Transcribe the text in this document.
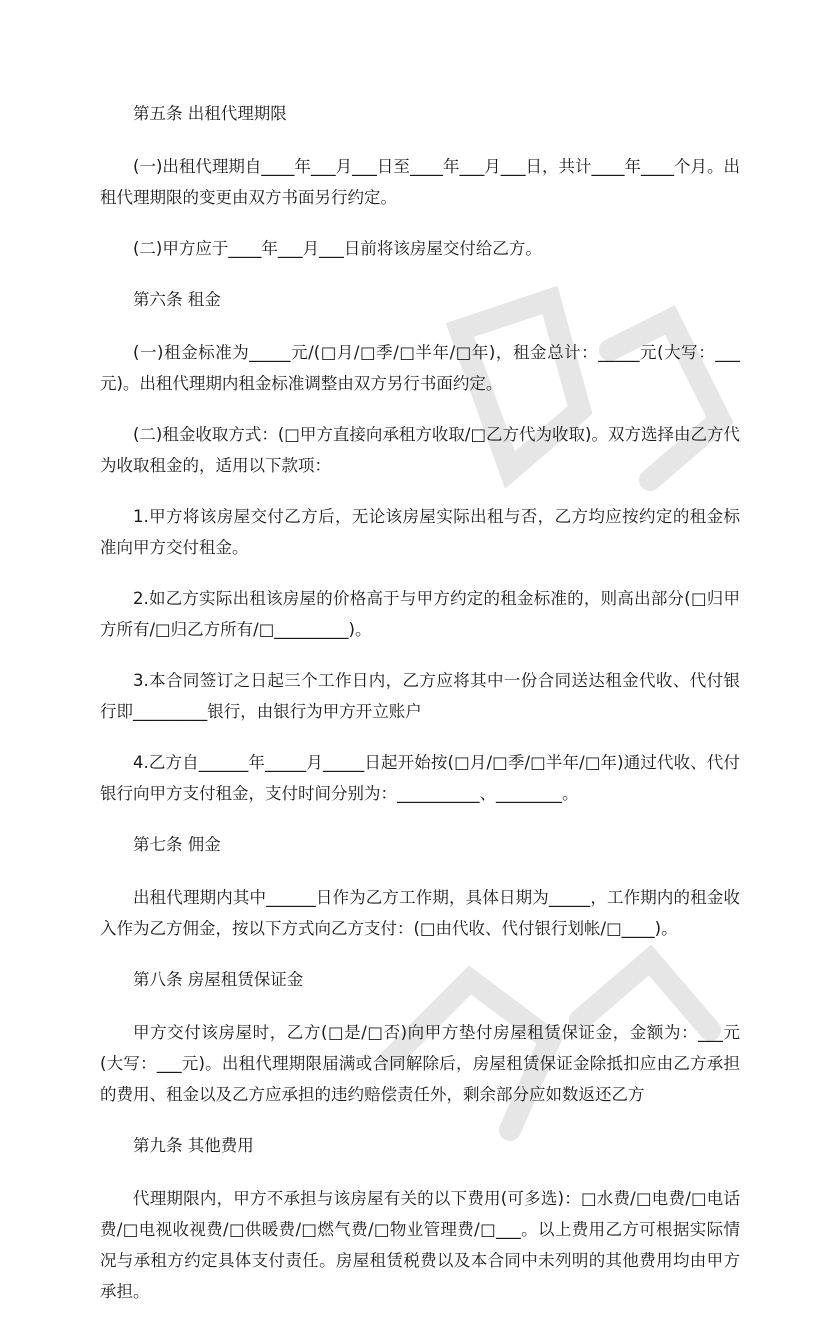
第五条 出租代理期限

(一)出租代理期自____年___月___日至____年___月___日，共计____年____个月。出租代理期限的变更由双方书面另行约定。

(二)甲方应于____年___月___日前将该房屋交付给乙方。

第六条 租金

(一)租金标准为_____元/(□月/□季/□半年/□年)，租金总计：_____元(大写：___元)。出租代理期内租金标准调整由双方另行书面约定。

(二)租金收取方式：(□甲方直接向承租方收取/□乙方代为收取)。双方选择由乙方代为收取租金的，适用以下款项：

1.甲方将该房屋交付乙方后，无论该房屋实际出租与否，乙方均应按约定的租金标准向甲方交付租金。

2.如乙方实际出租该房屋的价格高于与甲方约定的租金标准的，则高出部分(□归甲方所有/□归乙方所有/□_________)。

3.本合同签订之日起三个工作日内，乙方应将其中一份合同送达租金代收、代付银行即_________银行，由银行为甲方开立账户

4.乙方自______年_____月_____日起开始按(□月/□季/□半年/□年)通过代收、代付银行向甲方支付租金，支付时间分别为：__________、________。

第七条 佣金

出租代理期内其中______日作为乙方工作期，具体日期为_____，工作期内的租金收入作为乙方佣金，按以下方式向乙方支付：(□由代收、代付银行划帐/□____)。

第八条 房屋租赁保证金

甲方交付该房屋时，乙方(□是/□否)向甲方垫付房屋租赁保证金，金额为：___元(大写：___元)。出租代理期限届满或合同解除后，房屋租赁保证金除抵扣应由乙方承担的费用、租金以及乙方应承担的违约赔偿责任外，剩余部分应如数返还乙方

第九条 其他费用

代理期限内，甲方不承担与该房屋有关的以下费用(可多选)：□水费/□电费/□电话费/□电视收视费/□供暖费/□燃气费/□物业管理费/□___。以上费用乙方可根据实际情况与承租方约定具体支付责任。房屋租赁税费以及本合同中未列明的其他费用均由甲方承担。
